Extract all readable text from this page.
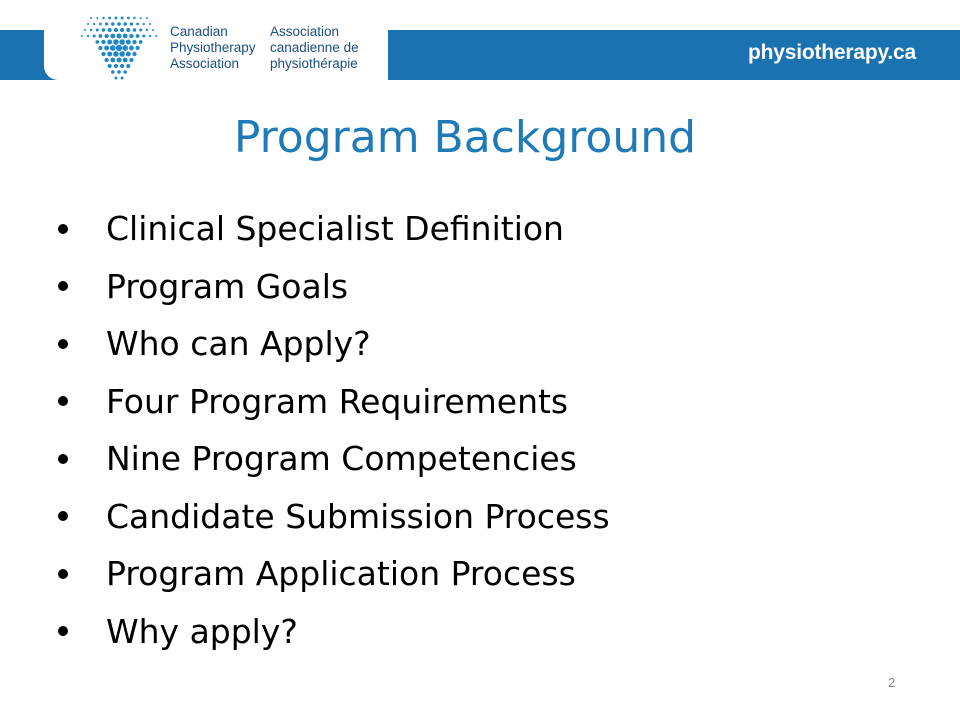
Canadian
Physiotherapy
Association
Association
canadienne de
physiothérapie	physiotherapy.ca
Program Background
Clinical Specialist Definition
Program Goals
Who can Apply?
Four Program Requirements
Nine Program Competencies
Candidate Submission Process
Program Application Process
Why apply?
2
